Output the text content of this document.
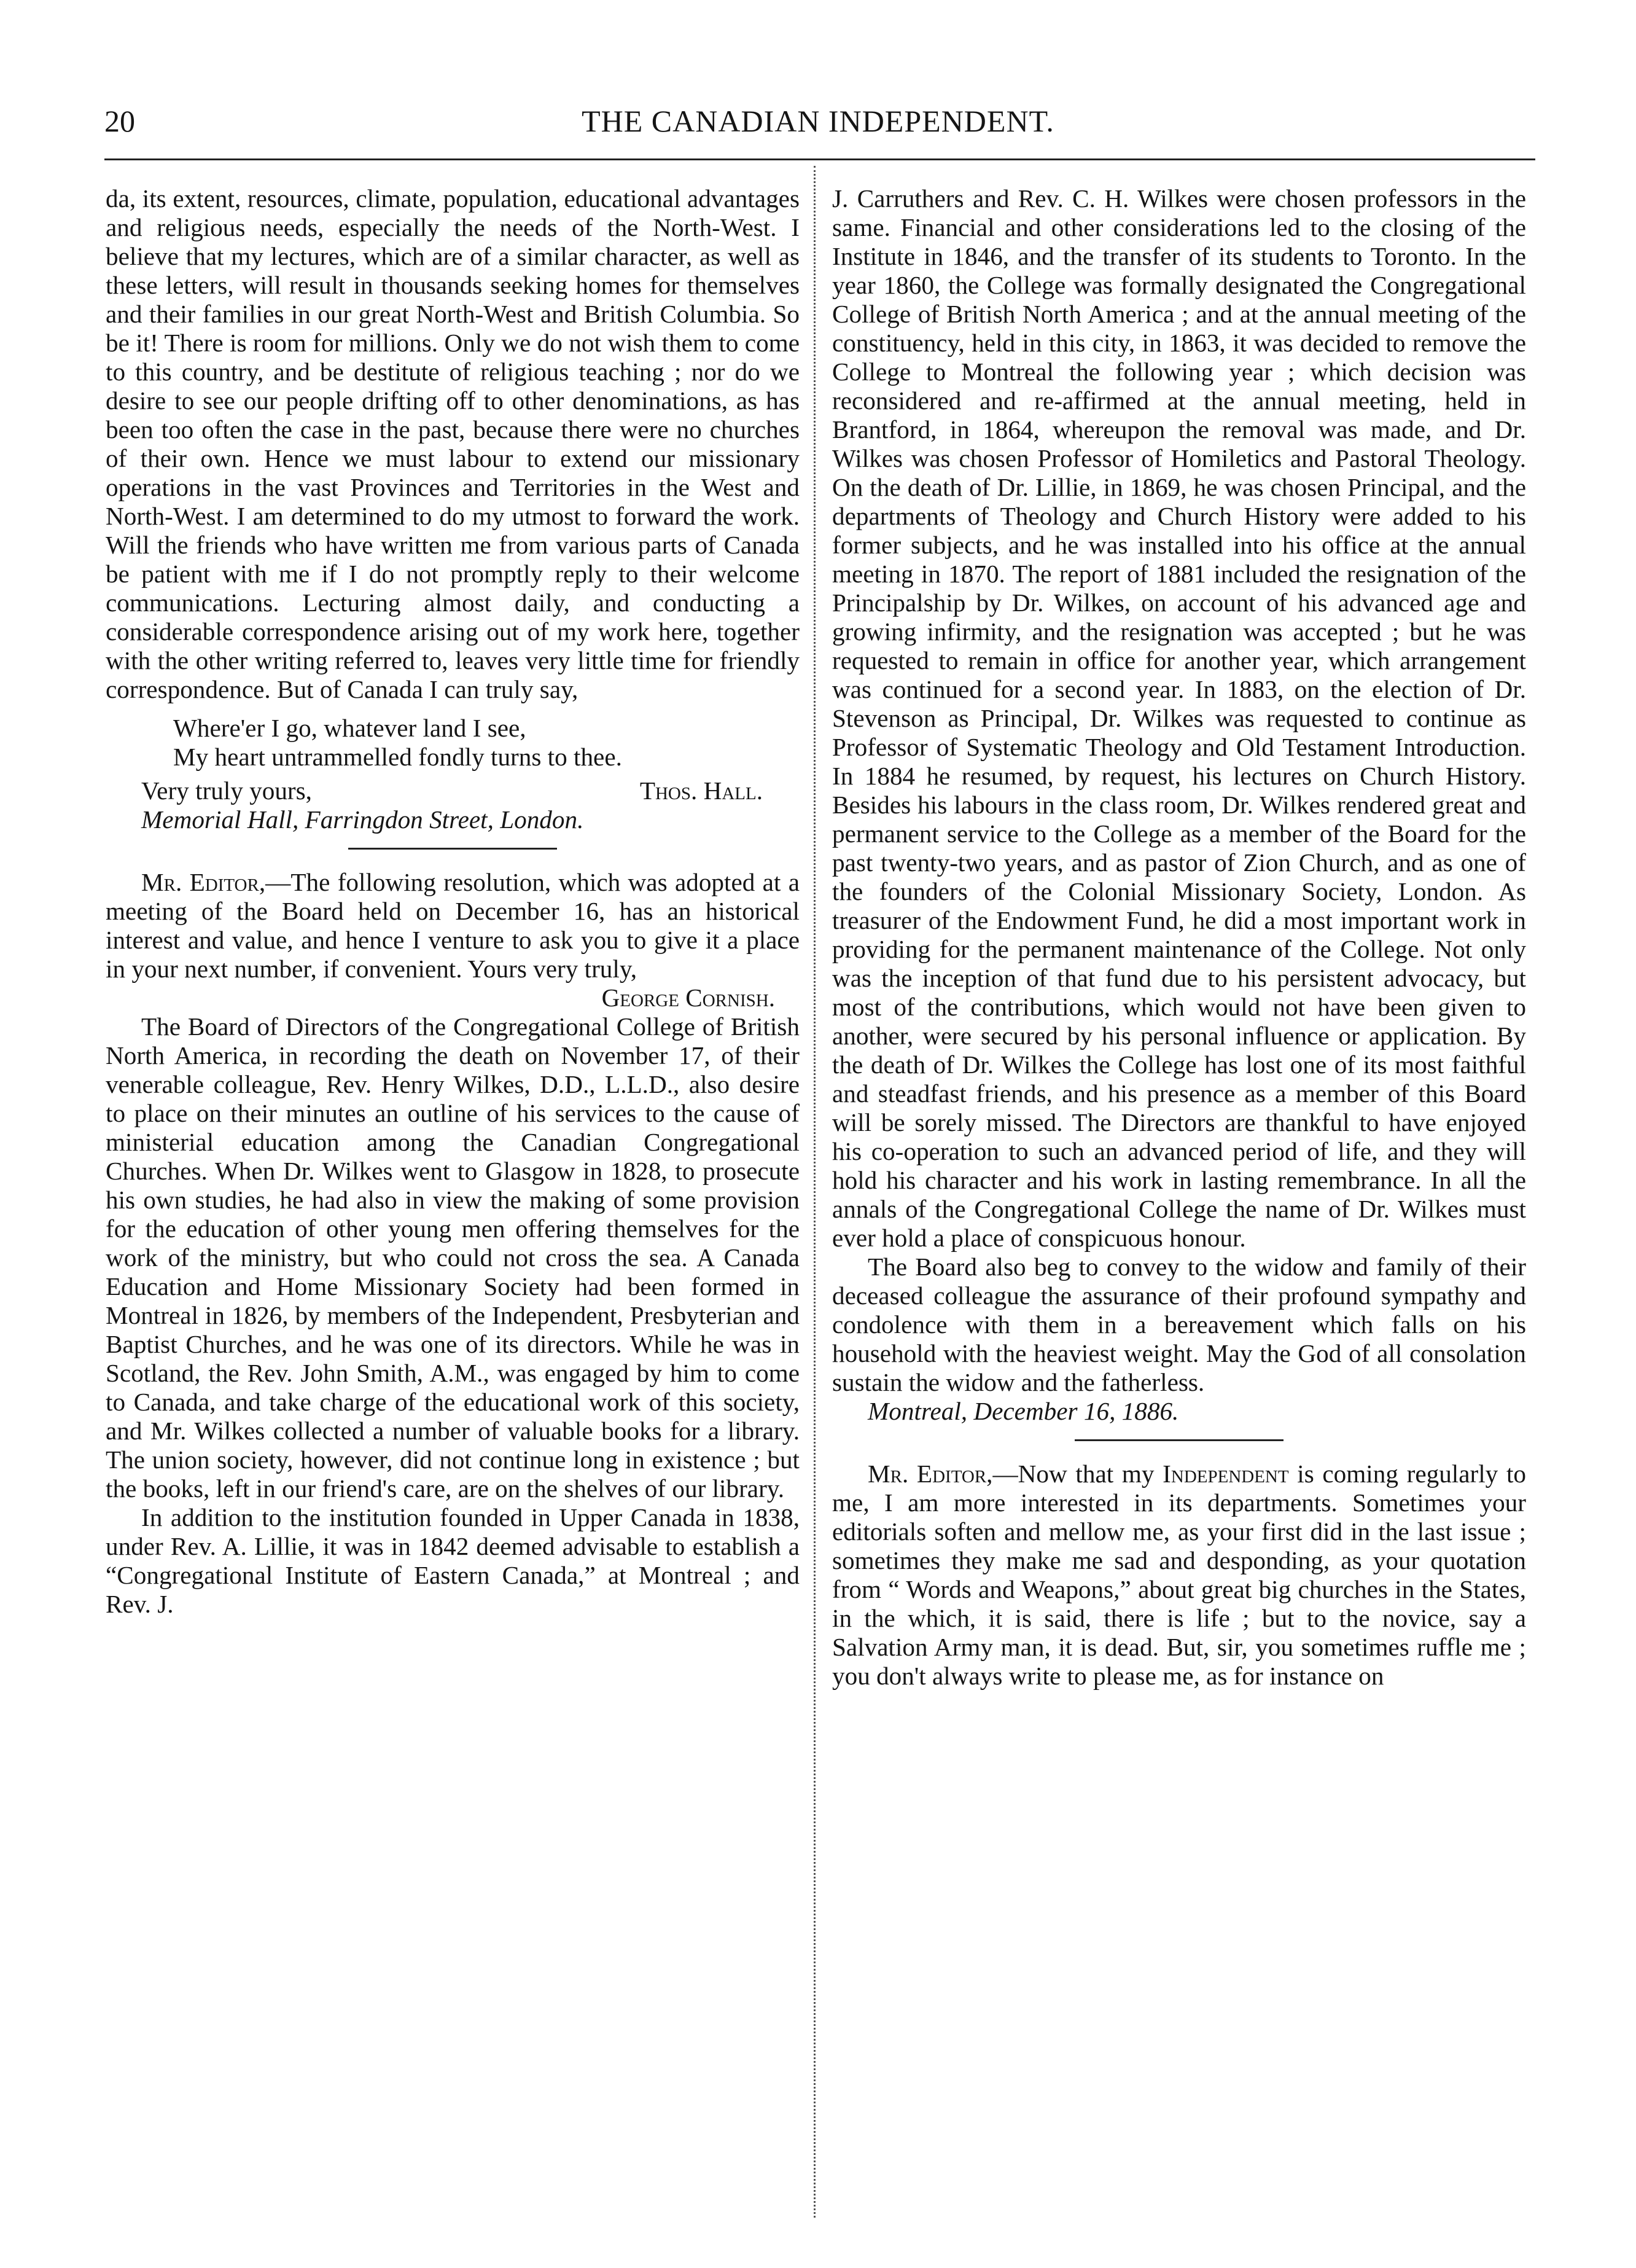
20	THE CANADIAN INDEPENDENT.

da, its extent, resources, climate, population, educational advantages and religious needs, especially the needs of the North-West. I believe that my lectures, which are of a similar character, as well as these letters, will result in thousands seeking homes for themselves and their families in our great North-West and British Columbia. So be it! There is room for millions. Only we do not wish them to come to this country, and be destitute of religious teaching ; nor do we desire to see our people drifting off to other denominations, as has been too often the case in the past, because there were no churches of their own. Hence we must labour to extend our missionary operations in the vast Provinces and Territories in the West and North-West. I am determined to do my utmost to forward the work. Will the friends who have written me from various parts of Canada be patient with me if I do not promptly reply to their welcome communications. Lecturing almost daily, and conducting a considerable correspondence arising out of my work here, together with the other writing referred to, leaves very little time for friendly correspondence. But of Canada I can truly say,

Where'er I go, whatever land I see,
My heart untrammelled fondly turns to thee.
Very truly yours,	Thos. Hall.
Memorial Hall, Farringdon Street, London.

Mr. Editor,—The following resolution, which was adopted at a meeting of the Board held on December 16, has an historical interest and value, and hence I venture to ask you to give it a place in your next number, if convenient. Yours very truly,

George Cornish.

The Board of Directors of the Congregational College of British North America, in recording the death on November 17, of their venerable colleague, Rev. Henry Wilkes, D.D., L.L.D., also desire to place on their minutes an outline of his services to the cause of ministerial education among the Canadian Congregational Churches. When Dr. Wilkes went to Glasgow in 1828, to prosecute his own studies, he had also in view the making of some provision for the education of other young men offering themselves for the work of the ministry, but who could not cross the sea. A Canada Education and Home Missionary Society had been formed in Montreal in 1826, by members of the Independent, Presbyterian and Baptist Churches, and he was one of its directors. While he was in Scotland, the Rev. John Smith, A.M., was engaged by him to come to Canada, and take charge of the educational work of this society, and Mr. Wilkes collected a number of valuable books for a library. The union society, however, did not continue long in existence ; but the books, left in our friend's care, are on the shelves of our library.

In addition to the institution founded in Upper Canada in 1838, under Rev. A. Lillie, it was in 1842 deemed advisable to establish a “Congregational Institute of Eastern Canada,” at Montreal ; and Rev. J.

J. Carruthers and Rev. C. H. Wilkes were chosen professors in the same. Financial and other considerations led to the closing of the Institute in 1846, and the transfer of its students to Toronto. In the year 1860, the College was formally designated the Congregational College of British North America ; and at the annual meeting of the constituency, held in this city, in 1863, it was decided to remove the College to Montreal the following year ; which decision was reconsidered and re-affirmed at the annual meeting, held in Brantford, in 1864, whereupon the removal was made, and Dr. Wilkes was chosen Professor of Homiletics and Pastoral Theology. On the death of Dr. Lillie, in 1869, he was chosen Principal, and the departments of Theology and Church History were added to his former subjects, and he was installed into his office at the annual meeting in 1870. The report of 1881 included the resignation of the Principalship by Dr. Wilkes, on account of his advanced age and growing infirmity, and the resignation was accepted ; but he was requested to remain in office for another year, which arrangement was continued for a second year. In 1883, on the election of Dr. Stevenson as Principal, Dr. Wilkes was requested to continue as Professor of Systematic Theology and Old Testament Introduction. In 1884 he resumed, by request, his lectures on Church History. Besides his labours in the class room, Dr. Wilkes rendered great and permanent service to the College as a member of the Board for the past twenty-two years, and as pastor of Zion Church, and as one of the founders of the Colonial Missionary Society, London. As treasurer of the Endowment Fund, he did a most important work in providing for the permanent maintenance of the College. Not only was the inception of that fund due to his persistent advocacy, but most of the contributions, which would not have been given to another, were secured by his personal influence or application. By the death of Dr. Wilkes the College has lost one of its most faithful and steadfast friends, and his presence as a member of this Board will be sorely missed. The Directors are thankful to have enjoyed his co-operation to such an advanced period of life, and they will hold his character and his work in lasting remembrance. In all the annals of the Congregational College the name of Dr. Wilkes must ever hold a place of conspicuous honour.

The Board also beg to convey to the widow and family of their deceased colleague the assurance of their profound sympathy and condolence with them in a bereavement which falls on his household with the heaviest weight. May the God of all consolation sustain the widow and the fatherless.

Montreal, December 16, 1886.

Mr. Editor,—Now that my Independent is coming regularly to me, I am more interested in its departments. Sometimes your editorials soften and mellow me, as your first did in the last issue ; sometimes they make me sad and desponding, as your quotation from “ Words and Weapons,” about great big churches in the States, in the which, it is said, there is life ; but to the novice, say a Salvation Army man, it is dead. But, sir, you sometimes ruffle me ; you don't always write to please me, as for instance on
